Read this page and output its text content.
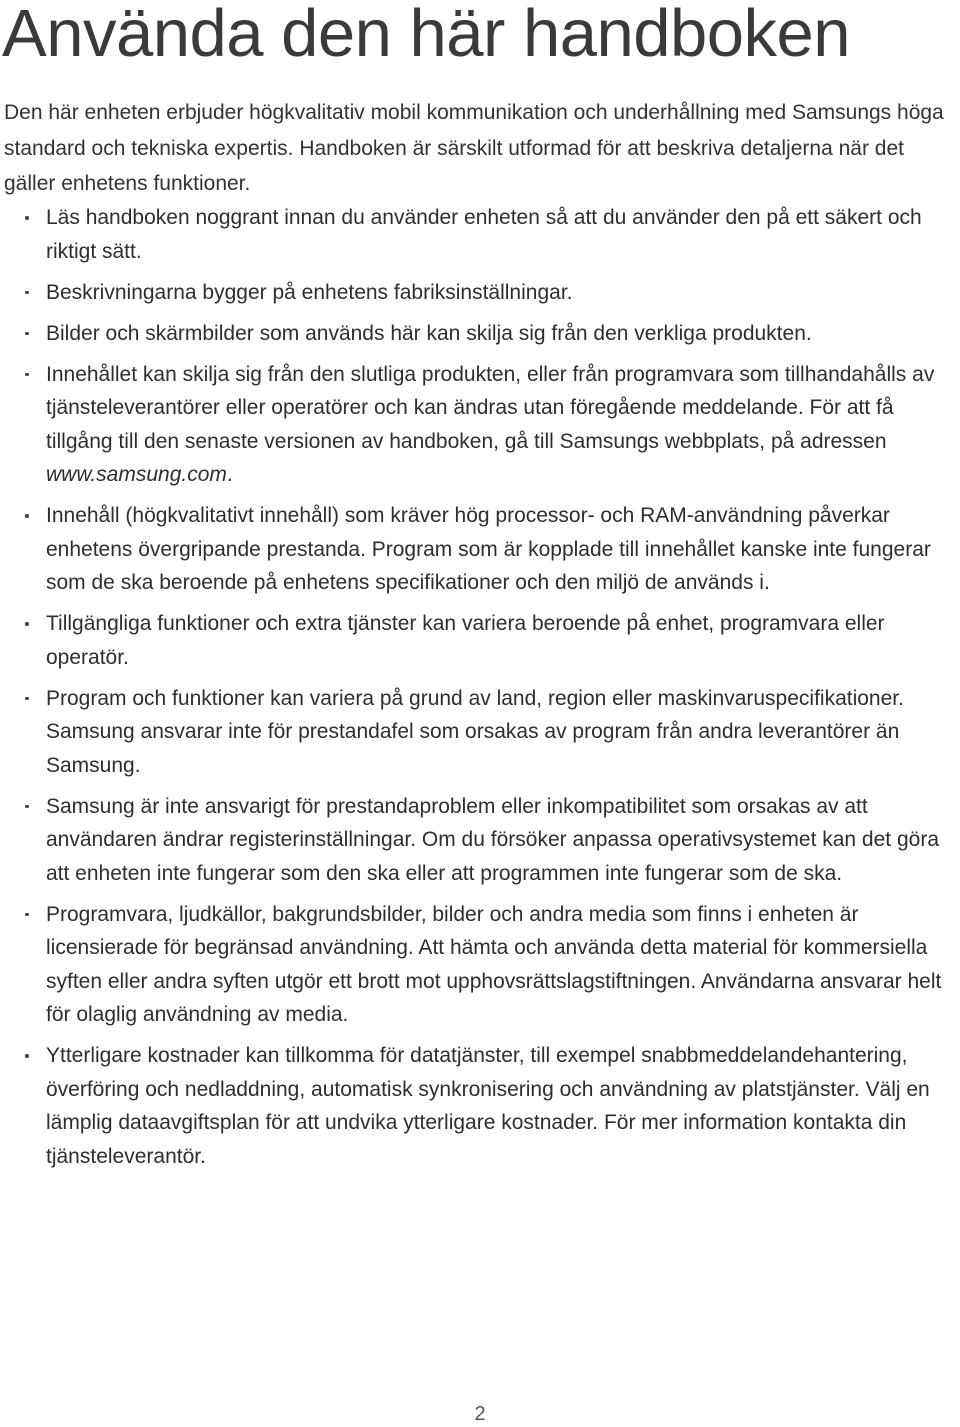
Använda den här handboken

Den här enheten erbjuder högkvalitativ mobil kommunikation och underhållning med Samsungs höga standard och tekniska expertis. Handboken är särskilt utformad för att beskriva detaljerna när det gäller enhetens funktioner.

Läs handboken noggrant innan du använder enheten så att du använder den på ett säkert och riktigt sätt.
Beskrivningarna bygger på enhetens fabriksinställningar.
Bilder och skärmbilder som används här kan skilja sig från den verkliga produkten.
Innehållet kan skilja sig från den slutliga produkten, eller från programvara som tillhandahålls av tjänsteleverantörer eller operatörer och kan ändras utan föregående meddelande. För att få tillgång till den senaste versionen av handboken, gå till Samsungs webbplats, på adressen www.samsung.com.
Innehåll (högkvalitativt innehåll) som kräver hög processor- och RAM-användning påverkar enhetens övergripande prestanda. Program som är kopplade till innehållet kanske inte fungerar som de ska beroende på enhetens specifikationer och den miljö de används i.
Tillgängliga funktioner och extra tjänster kan variera beroende på enhet, programvara eller operatör.
Program och funktioner kan variera på grund av land, region eller maskinvaruspecifikationer. Samsung ansvarar inte för prestandafel som orsakas av program från andra leverantörer än Samsung.
Samsung är inte ansvarigt för prestandaproblem eller inkompatibilitet som orsakas av att användaren ändrar registerinställningar. Om du försöker anpassa operativsystemet kan det göra att enheten inte fungerar som den ska eller att programmen inte fungerar som de ska.
Programvara, ljudkällor, bakgrundsbilder, bilder och andra media som finns i enheten är licensierade för begränsad användning. Att hämta och använda detta material för kommersiella syften eller andra syften utgör ett brott mot upphovsrättslagstiftningen. Användarna ansvarar helt för olaglig användning av media.
Ytterligare kostnader kan tillkomma för datatjänster, till exempel snabbmeddelandehantering, överföring och nedladdning, automatisk synkronisering och användning av platstjänster. Välj en lämplig dataavgiftsplan för att undvika ytterligare kostnader. För mer information kontakta din tjänsteleverantör.
2
